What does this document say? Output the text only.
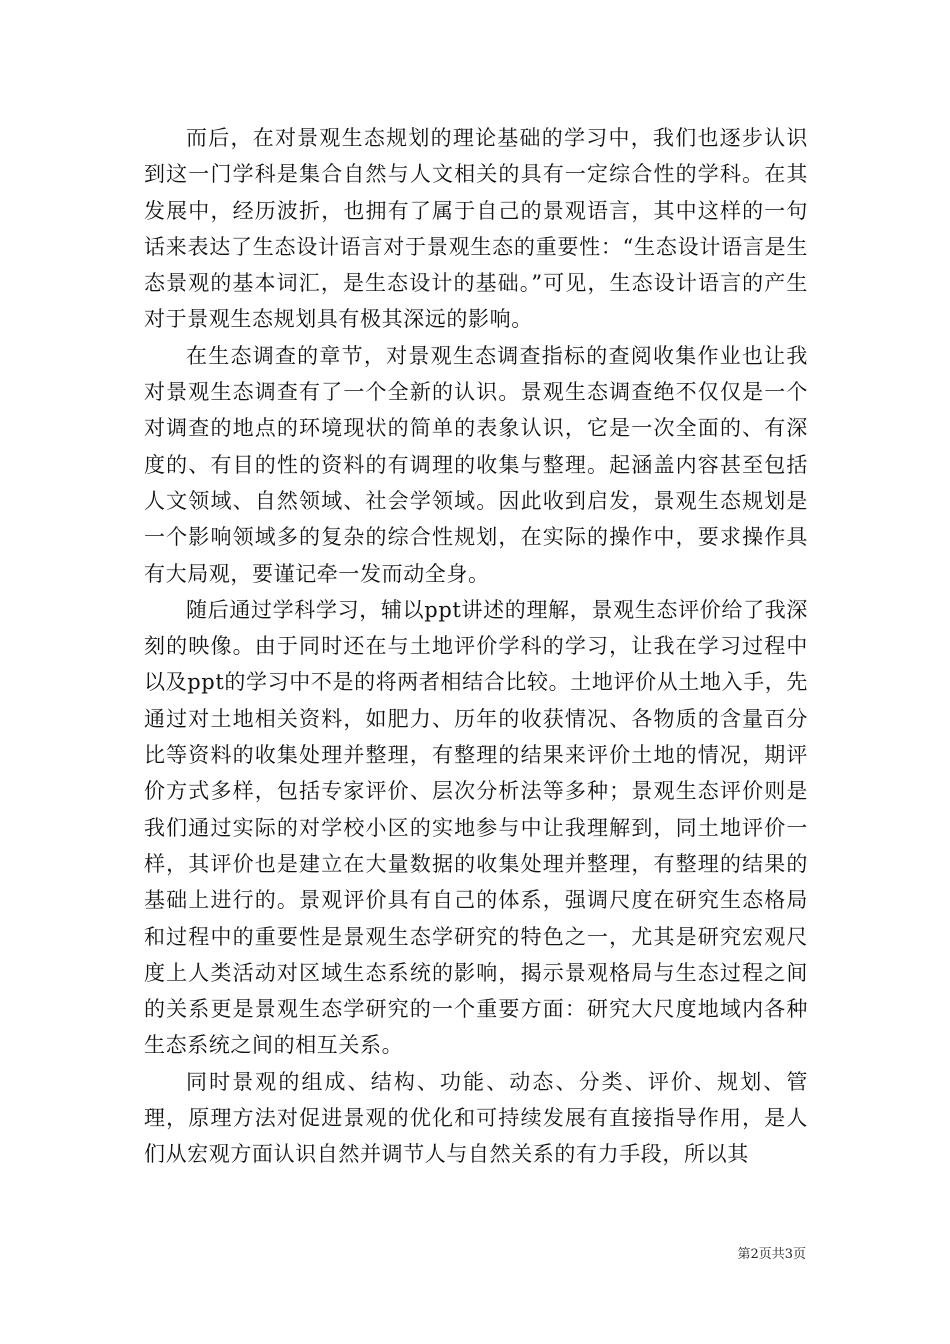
而后，在对景观生态规划的理论基础的学习中，我们也逐步认识到这一门学科是集合自然与人文相关的具有一定综合性的学科。在其发展中，经历波折，也拥有了属于自己的景观语言，其中这样的一句话来表达了生态设计语言对于景观生态的重要性：“生态设计语言是生态景观的基本词汇，是生态设计的基础。”可见，生态设计语言的产生对于景观生态规划具有极其深远的影响。

在生态调查的章节，对景观生态调查指标的查阅收集作业也让我对景观生态调查有了一个全新的认识。景观生态调查绝不仅仅是一个对调查的地点的环境现状的简单的表象认识，它是一次全面的、有深度的、有目的性的资料的有调理的收集与整理。起涵盖内容甚至包括人文领域、自然领域、社会学领域。因此收到启发，景观生态规划是一个影响领域多的复杂的综合性规划，在实际的操作中，要求操作具有大局观，要谨记牵一发而动全身。

随后通过学科学习，辅以ppt讲述的理解，景观生态评价给了我深刻的映像。由于同时还在与土地评价学科的学习，让我在学习过程中以及ppt的学习中不是的将两者相结合比较。土地评价从土地入手，先通过对土地相关资料，如肥力、历年的收获情况、各物质的含量百分比等资料的收集处理并整理，有整理的结果来评价土地的情况，期评价方式多样，包括专家评价、层次分析法等多种；景观生态评价则是我们通过实际的对学校小区的实地参与中让我理解到，同土地评价一样，其评价也是建立在大量数据的收集处理并整理，有整理的结果的基础上进行的。景观评价具有自己的体系，强调尺度在研究生态格局和过程中的重要性是景观生态学研究的特色之一，尤其是研究宏观尺度上人类活动对区域生态系统的影响，揭示景观格局与生态过程之间的关系更是景观生态学研究的一个重要方面：研究大尺度地域内各种生态系统之间的相互关系。

同时景观的组成、结构、功能、动态、分类、评价、规划、管理，原理方法对促进景观的优化和可持续发展有直接指导作用，是人们从宏观方面认识自然并调节人与自然关系的有力手段，所以其

第2页共3页
